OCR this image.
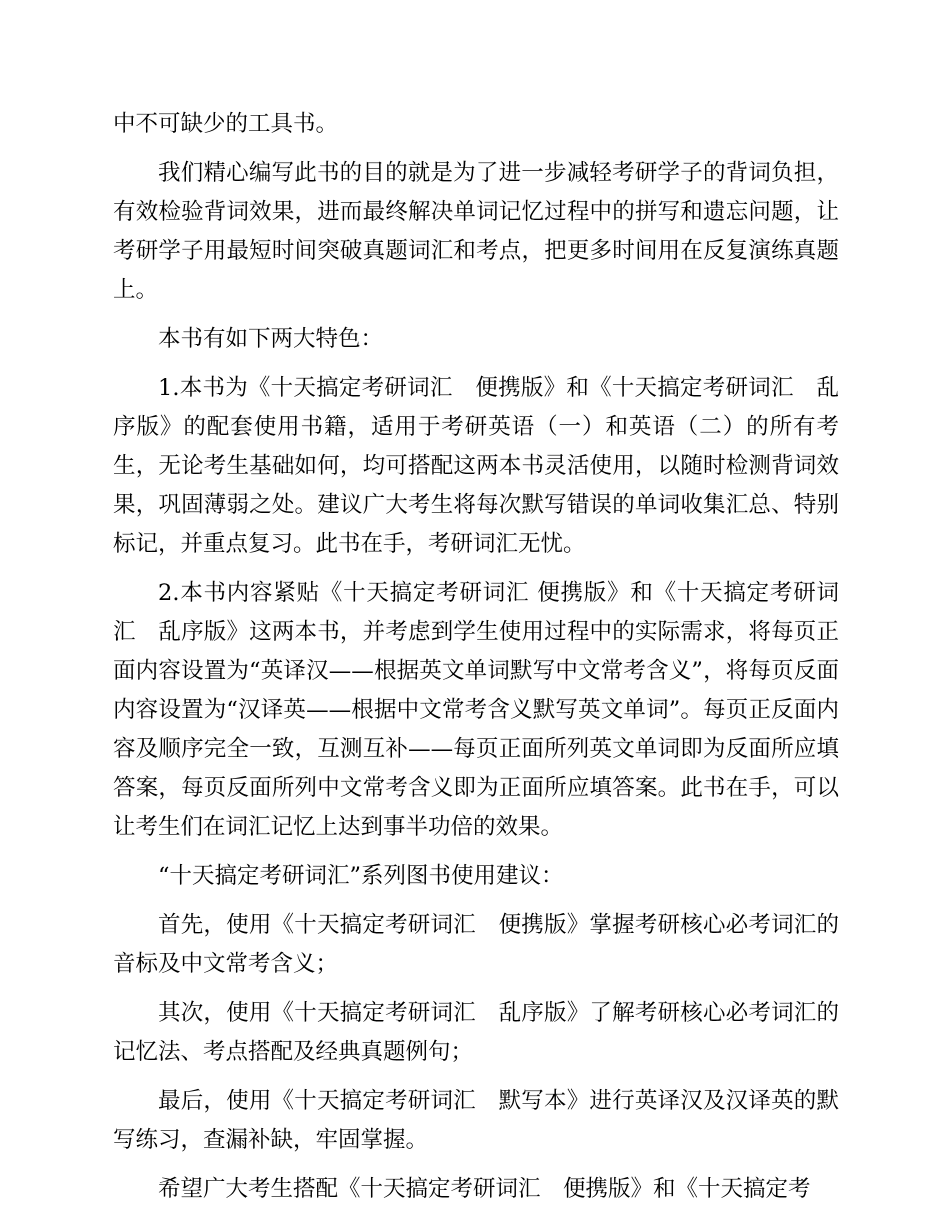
中不可缺少的工具书。

我们精心编写此书的目的就是为了进一步减轻考研学子的背词负担，有效检验背词效果，进而最终解决单词记忆过程中的拼写和遗忘问题，让考研学子用最短时间突破真题词汇和考点，把更多时间用在反复演练真题上。

本书有如下两大特色：

1.本书为《十天搞定考研词汇　便携版》和《十天搞定考研词汇　乱序版》的配套使用书籍，适用于考研英语（一）和英语（二）的所有考生，无论考生基础如何，均可搭配这两本书灵活使用，以随时检测背词效果，巩固薄弱之处。建议广大考生将每次默写错误的单词收集汇总、特别标记，并重点复习。此书在手，考研词汇无忧。

2.本书内容紧贴《十天搞定考研词汇 便携版》和《十天搞定考研词汇　乱序版》这两本书，并考虑到学生使用过程中的实际需求，将每页正面内容设置为“英译汉——根据英文单词默写中文常考含义”，将每页反面内容设置为“汉译英——根据中文常考含义默写英文单词”。每页正反面内容及顺序完全一致，互测互补——每页正面所列英文单词即为反面所应填答案，每页反面所列中文常考含义即为正面所应填答案。此书在手，可以让考生们在词汇记忆上达到事半功倍的效果。

“十天搞定考研词汇”系列图书使用建议：

首先，使用《十天搞定考研词汇　便携版》掌握考研核心必考词汇的音标及中文常考含义；

其次，使用《十天搞定考研词汇　乱序版》了解考研核心必考词汇的记忆法、考点搭配及经典真题例句；

最后，使用《十天搞定考研词汇　默写本》进行英译汉及汉译英的默写练习，查漏补缺，牢固掌握。

希望广大考生搭配《十天搞定考研词汇　便携版》和《十天搞定考
